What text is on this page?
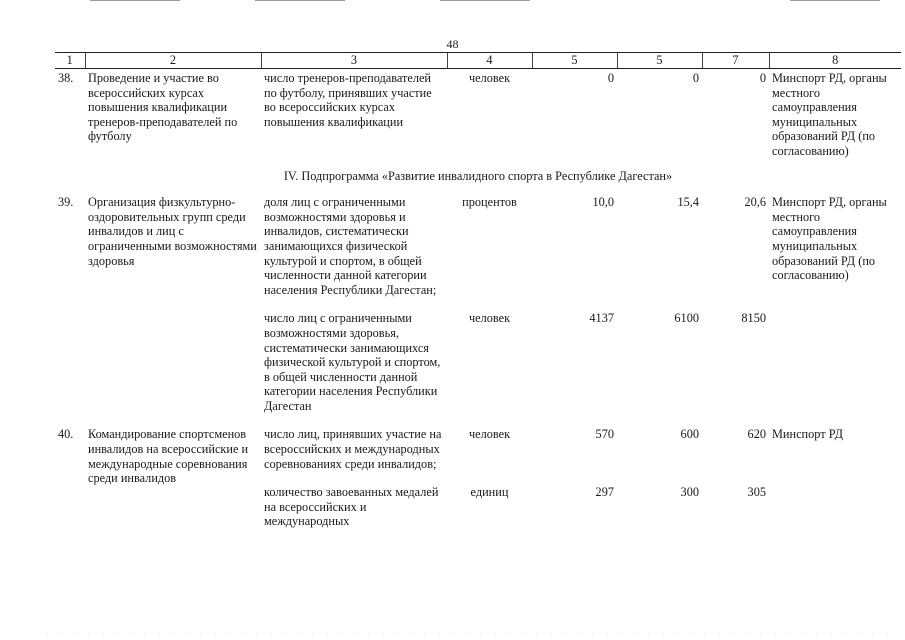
48
1	2	3	4	5	5	7	8
38.	Проведение и участие во всероссийских курсах повышения квалификации тренеров-преподавателей по футболу	число тренеров-преподавателей по футболу, принявших участие во всероссийских курсах повышения квалификации	человек	0	0	0	Минспорт РД, органы местного самоуправления муниципальных образований РД (по согласованию)
IV. Подпрограмма «Развитие инвалидного спорта в Республике Дагестан»							
39.	Организация физкультурно-оздоровительных групп среди инвалидов и лиц с ограниченными возможностями здоровья	доля лиц с ограниченными возможностями здоровья и инвалидов, систематически занимающихся физической культурой и спортом, в общей численности данной категории населения Республики Дагестан;	процентов	10,0	15,4	20,6	Минспорт РД, органы местного самоуправления муниципальных образований РД (по согласованию)
		число лиц с ограниченными возможностями здоровья, систематически занимающихся физической культурой и спортом, в общей численности данной категории населения Республики Дагестан	человек	4137	6100	8150	
40.	Командирование спортсменов инвалидов на всероссийские и международные соревнования среди инвалидов	число лиц, принявших участие на всероссийских и международных соревнованиях среди инвалидов;	человек	570	600	620	Минспорт РД
		количество завоеванных медалей на всероссийских и международных	единиц	297	300	305	
